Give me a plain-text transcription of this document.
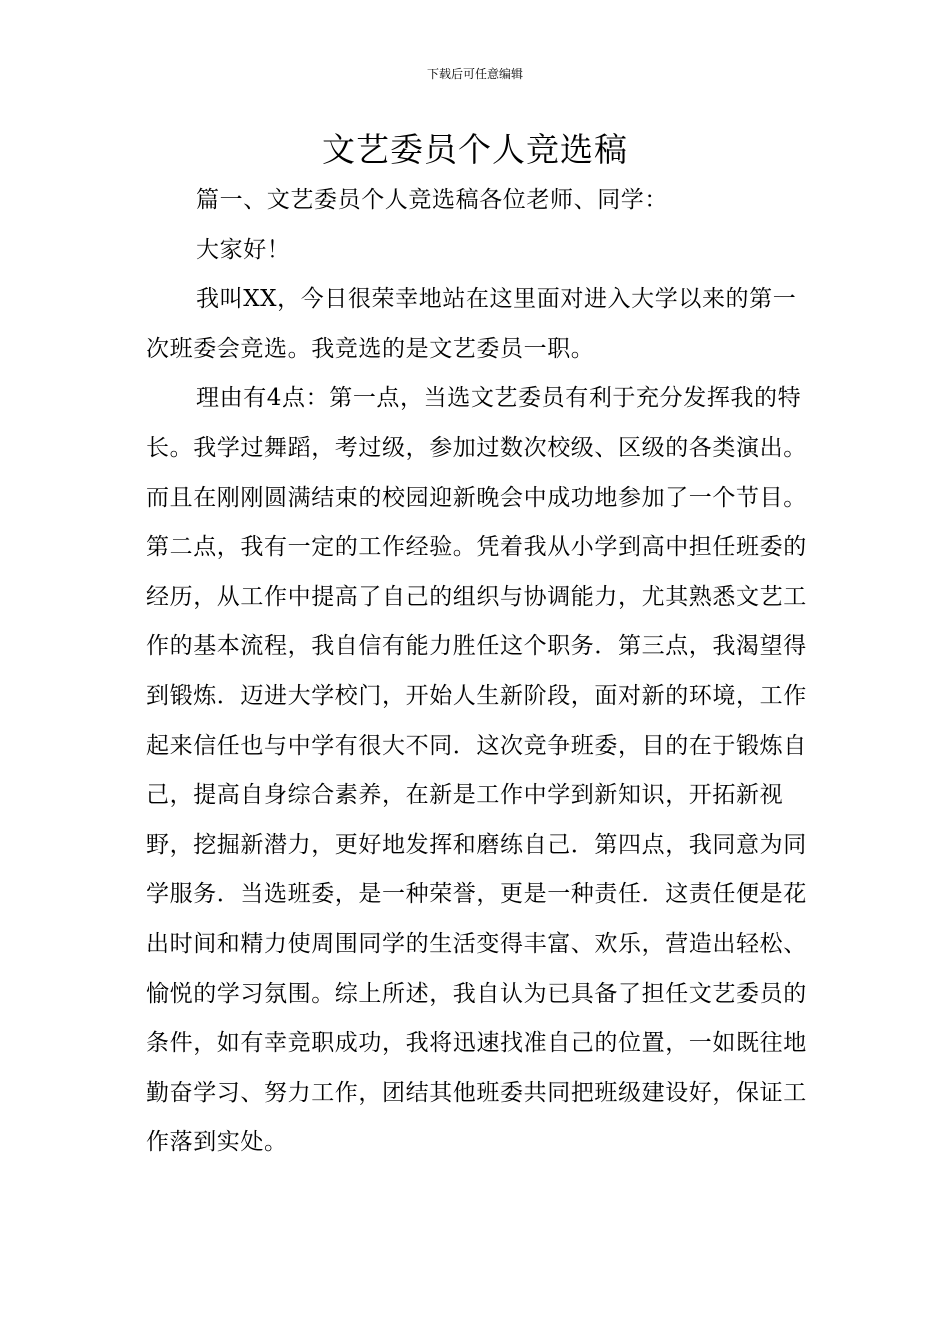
下载后可任意编辑
文艺委员个人竞选稿

篇一、文艺委员个人竞选稿各位老师、同学：

大家好！

我叫XX，今日很荣幸地站在这里面对进入大学以来的第一次班委会竞选。我竞选的是文艺委员一职。

理由有4点：第一点，当选文艺委员有利于充分发挥我的特长。我学过舞蹈，考过级，参加过数次校级、区级的各类演出。而且在刚刚圆满结束的校园迎新晚会中成功地参加了一个节目。第二点，我有一定的工作经验。凭着我从小学到高中担任班委的经历，从工作中提高了自己的组织与协调能力，尤其熟悉文艺工作的基本流程，我自信有能力胜任这个职务．第三点，我渴望得到锻炼．迈进大学校门，开始人生新阶段，面对新的环境，工作起来信任也与中学有很大不同．这次竞争班委，目的在于锻炼自己，提高自身综合素养，在新是工作中学到新知识，开拓新视野，挖掘新潜力，更好地发挥和磨练自己．第四点，我同意为同学服务．当选班委，是一种荣誉，更是一种责任．这责任便是花出时间和精力使周围同学的生活变得丰富、欢乐，营造出轻松、愉悦的学习氛围。综上所述，我自认为已具备了担任文艺委员的条件，如有幸竞职成功，我将迅速找准自己的位置，一如既往地勤奋学习、努力工作，团结其他班委共同把班级建设好，保证工作落到实处。
